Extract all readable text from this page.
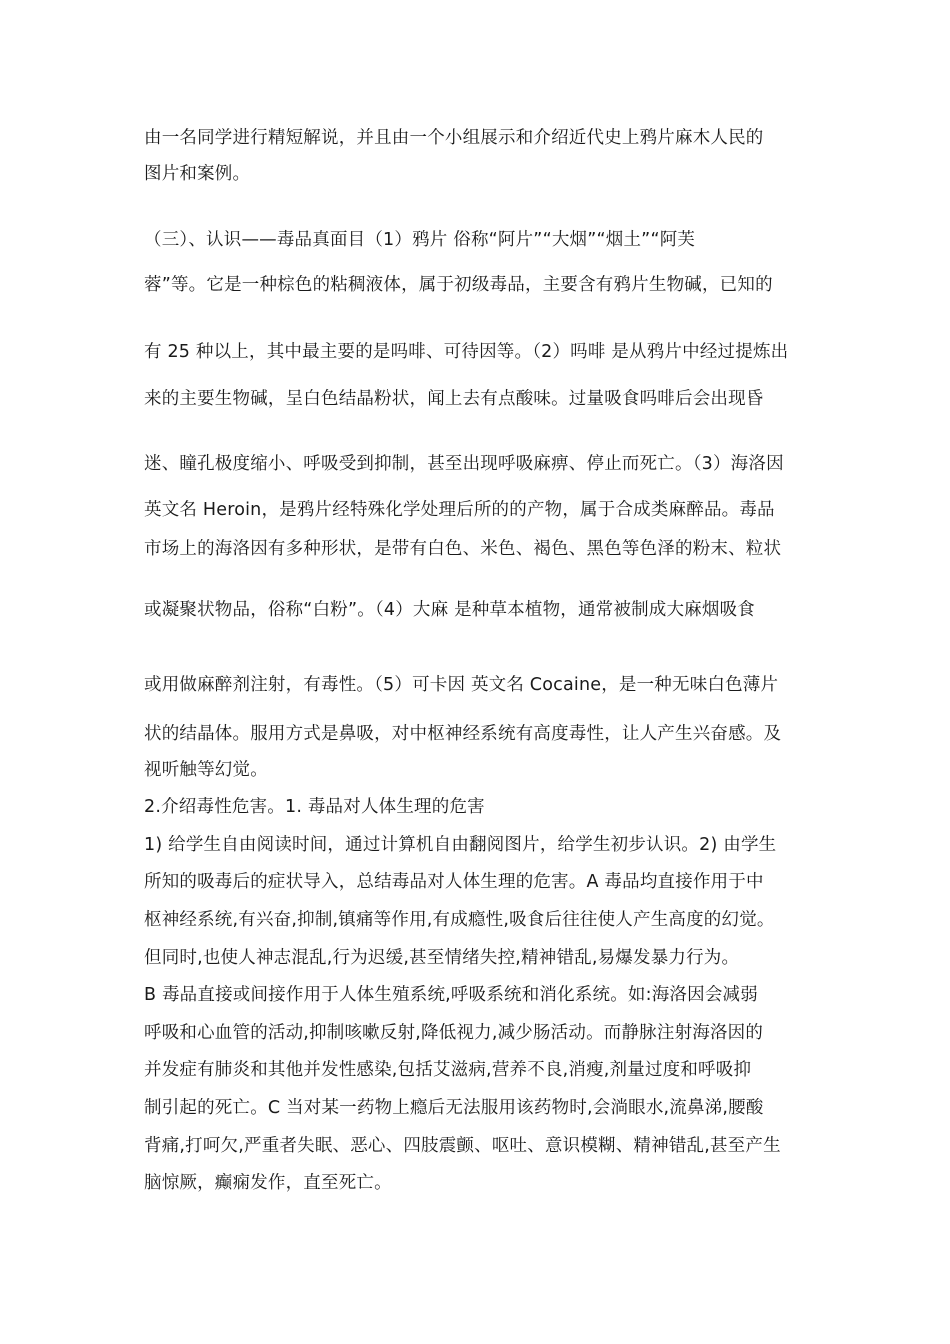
由一名同学进行精短解说，并且由一个小组展示和介绍近代史上鸦片麻木人民的
图片和案例。
（三）、认识——毒品真面目（1）鸦片 俗称“阿片”“大烟”“烟土”“阿芙
蓉”等。它是一种棕色的粘稠液体，属于初级毒品，主要含有鸦片生物碱，已知的
有 25 种以上，其中最主要的是吗啡、可待因等。（2）吗啡 是从鸦片中经过提炼出
来的主要生物碱，呈白色结晶粉状，闻上去有点酸味。过量吸食吗啡后会出现昏
迷、瞳孔极度缩小、呼吸受到抑制，甚至出现呼吸麻痹、停止而死亡。（3）海洛因
英文名 Heroin，是鸦片经特殊化学处理后所的的产物，属于合成类麻醉品。毒品
市场上的海洛因有多种形状，是带有白色、米色、褐色、黑色等色泽的粉末、粒状
或凝聚状物品，俗称“白粉”。（4）大麻 是种草本植物，通常被制成大麻烟吸食
或用做麻醉剂注射，有毒性。（5）可卡因 英文名 Cocaine，是一种无味白色薄片
状的结晶体。服用方式是鼻吸，对中枢神经系统有高度毒性，让人产生兴奋感。及
视听触等幻觉。
2.介绍毒性危害。1. 毒品对人体生理的危害
1) 给学生自由阅读时间，通过计算机自由翻阅图片，给学生初步认识。2) 由学生
所知的吸毒后的症状导入，总结毒品对人体生理的危害。A 毒品均直接作用于中
枢神经系统,有兴奋,抑制,镇痛等作用,有成瘾性,吸食后往往使人产生高度的幻觉。
但同时,也使人神志混乱,行为迟缓,甚至情绪失控,精神错乱,易爆发暴力行为。
B 毒品直接或间接作用于人体生殖系统,呼吸系统和消化系统。如:海洛因会减弱
呼吸和心血管的活动,抑制咳嗽反射,降低视力,减少肠活动。而静脉注射海洛因的
并发症有肺炎和其他并发性感染,包括艾滋病,营养不良,消瘦,剂量过度和呼吸抑
制引起的死亡。C 当对某一药物上瘾后无法服用该药物时,会淌眼水,流鼻涕,腰酸
背痛,打呵欠,严重者失眠、恶心、四肢震颤、呕吐、意识模糊、精神错乱,甚至产生
脑惊厥，癫痫发作，直至死亡。
